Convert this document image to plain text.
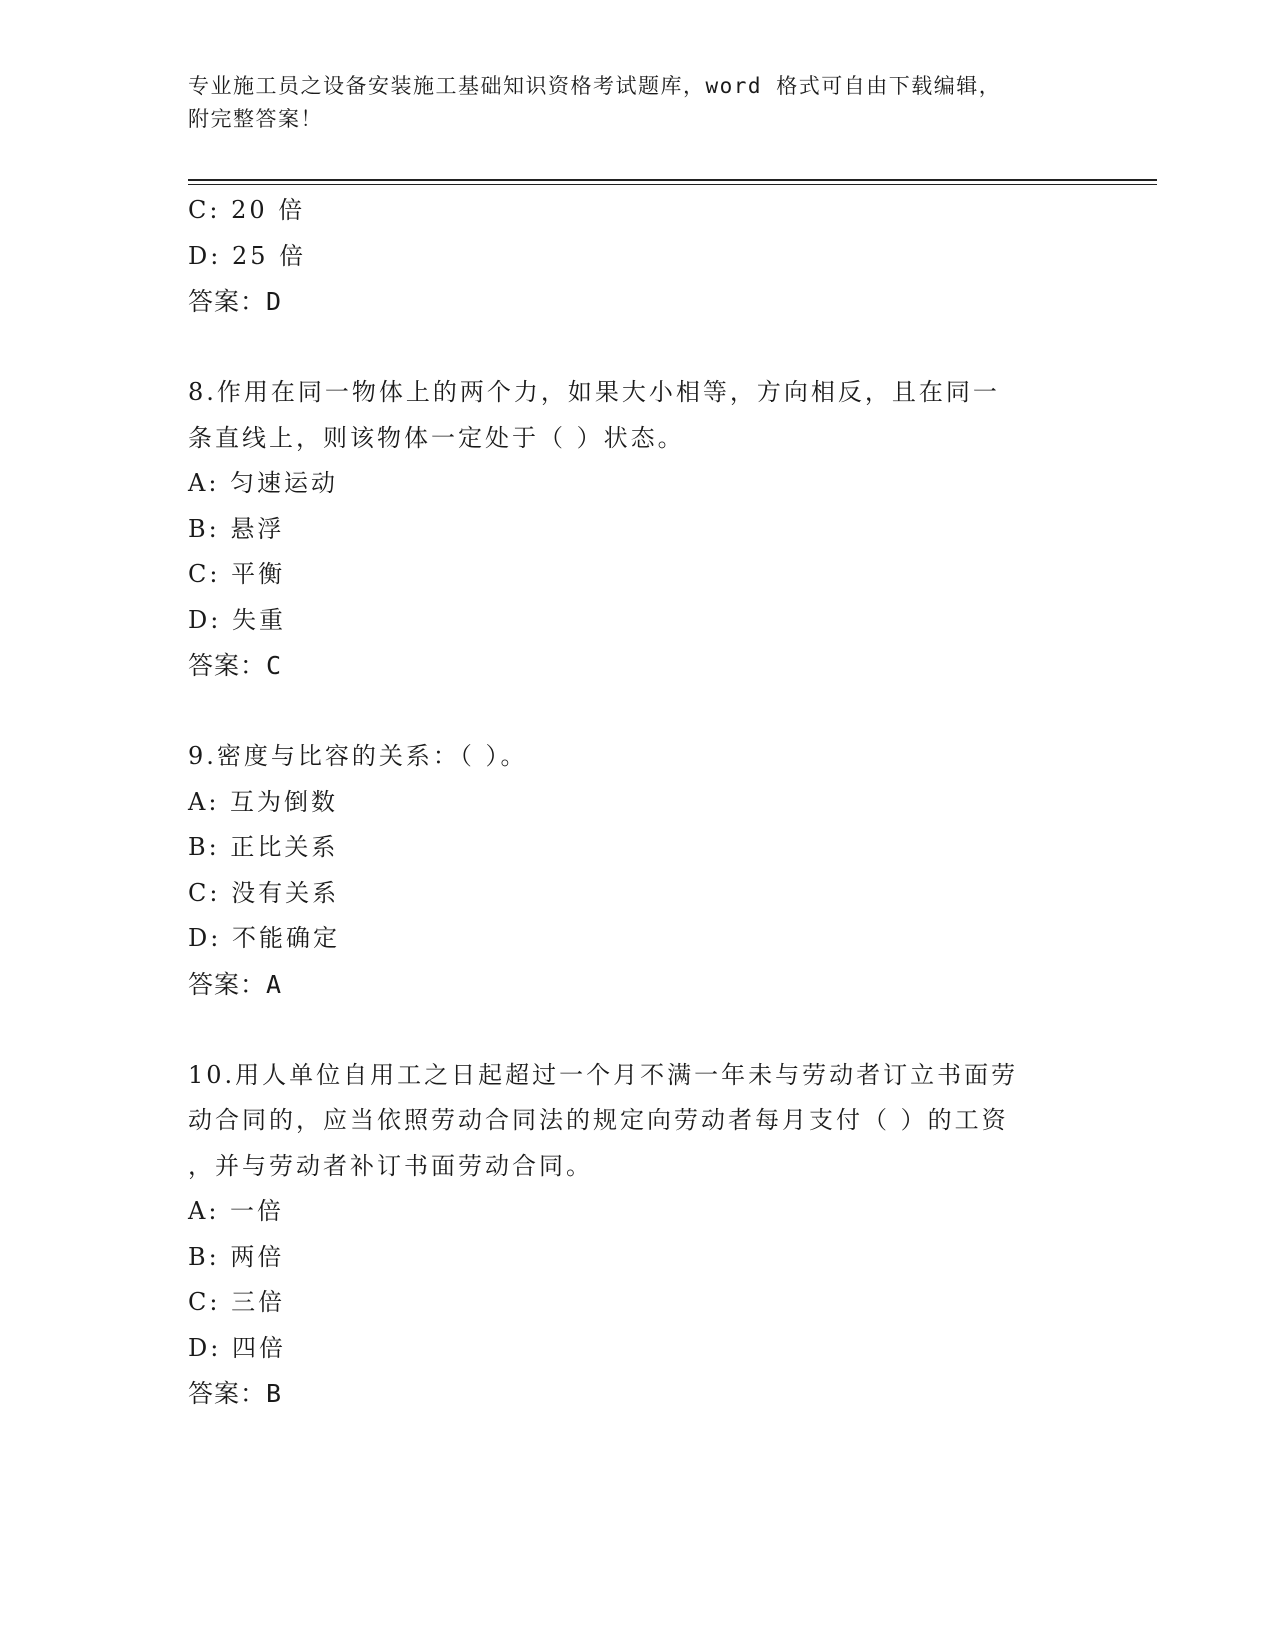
专业施工员之设备安装施工基础知识资格考试题库，word 格式可自由下载编辑，
附完整答案！
C: 20 倍
D: 25 倍
答案：D
8.作用在同一物体上的两个力，如果大小相等，方向相反，且在同一
条直线上，则该物体一定处于（ ）状态。
A: 匀速运动
B: 悬浮
C: 平衡
D: 失重
答案：C
9.密度与比容的关系：（ ）。
A: 互为倒数
B: 正比关系
C: 没有关系
D: 不能确定
答案：A
10.用人单位自用工之日起超过一个月不满一年未与劳动者订立书面劳
动合同的，应当依照劳动合同法的规定向劳动者每月支付（ ）的工资
，并与劳动者补订书面劳动合同。
A: 一倍
B: 两倍
C: 三倍
D: 四倍
答案：B
